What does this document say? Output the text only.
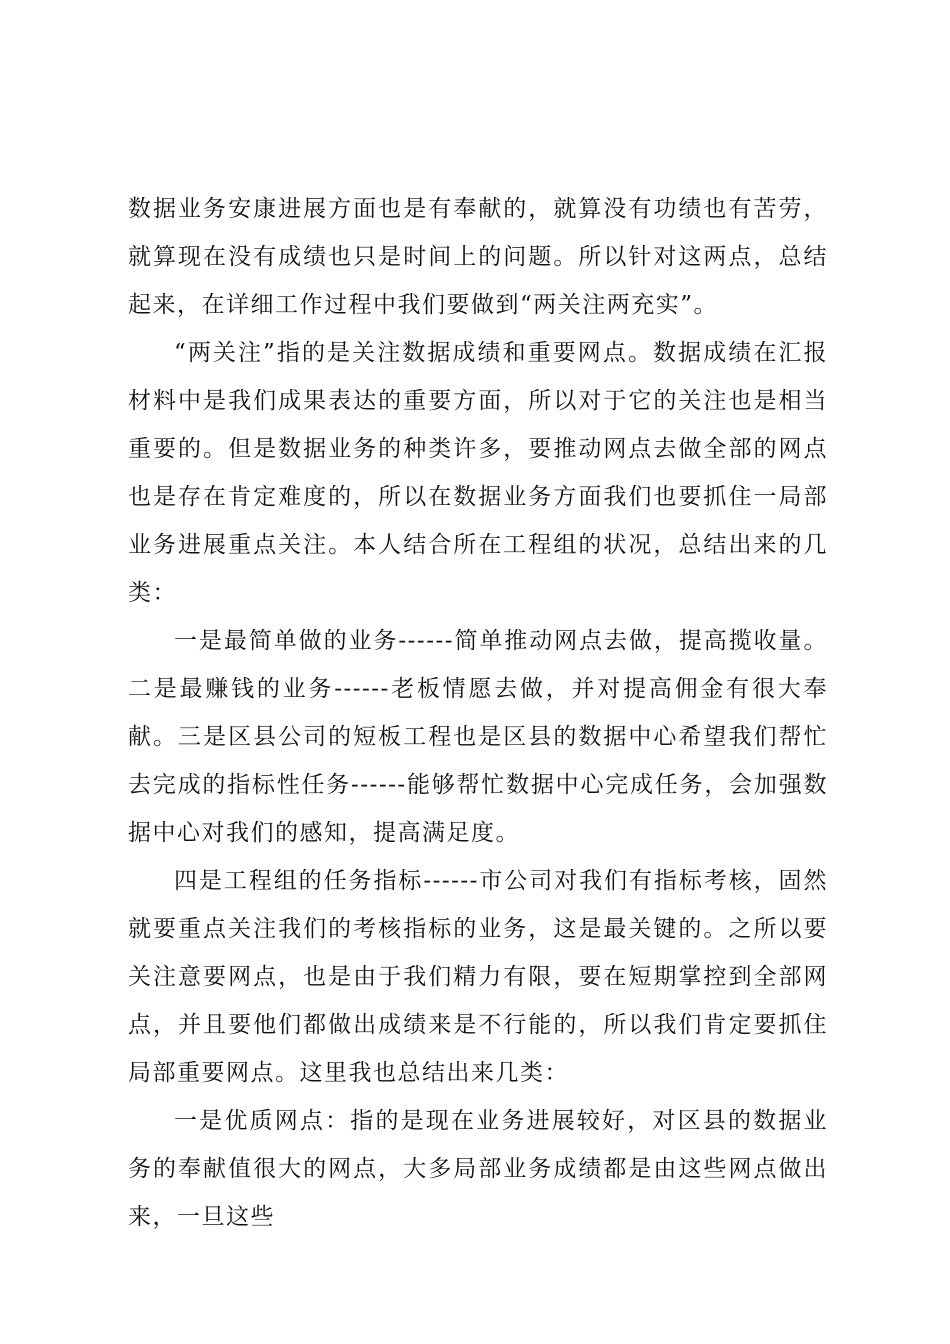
数据业务安康进展方面也是有奉献的，就算没有功绩也有苦劳，就算现在没有成绩也只是时间上的问题。所以针对这两点，总结起来，在详细工作过程中我们要做到“两关注两充实”。

“两关注”指的是关注数据成绩和重要网点。数据成绩在汇报材料中是我们成果表达的重要方面，所以对于它的关注也是相当重要的。但是数据业务的种类许多，要推动网点去做全部的网点也是存在肯定难度的，所以在数据业务方面我们也要抓住一局部业务进展重点关注。本人结合所在工程组的状况，总结出来的几类：

一是最简单做的业务------简单推动网点去做，提高揽收量。二是最赚钱的业务------老板情愿去做，并对提高佣金有很大奉献。三是区县公司的短板工程也是区县的数据中心希望我们帮忙去完成的指标性任务------能够帮忙数据中心完成任务，会加强数据中心对我们的感知，提高满足度。

四是工程组的任务指标------市公司对我们有指标考核，固然就要重点关注我们的考核指标的业务，这是最关键的。之所以要关注意要网点，也是由于我们精力有限，要在短期掌控到全部网点，并且要他们都做出成绩来是不行能的，所以我们肯定要抓住局部重要网点。这里我也总结出来几类：

一是优质网点：指的是现在业务进展较好，对区县的数据业务的奉献值很大的网点，大多局部业务成绩都是由这些网点做出来，一旦这些
